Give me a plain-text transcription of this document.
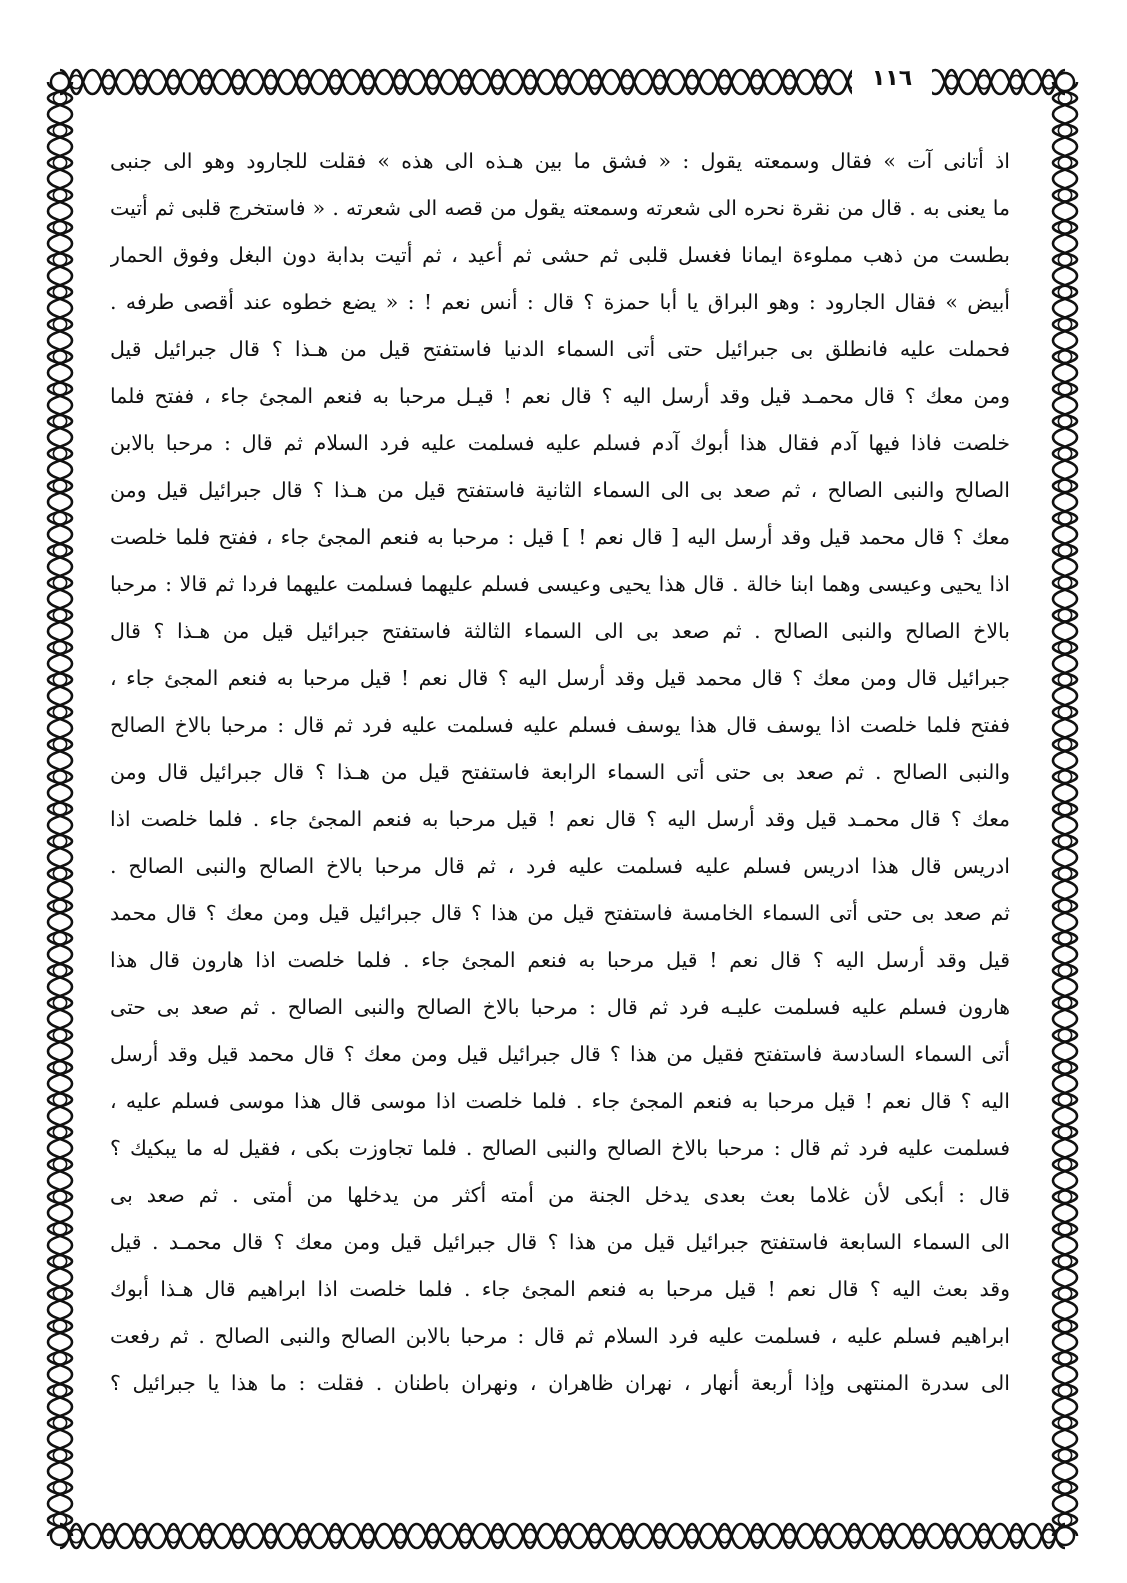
١١٦
اذ أتانى آت » فقال وسمعته يقول : « فشق ما بين هـذه الى هذه » فقلت للجارود وهو الى جنبى
ما يعنى به . قال من نقرة نحره الى شعرته وسمعته يقول من قصه الى شعرته . « فاستخرج قلبى ثم أتيت
بطست من ذهب مملوءة ايمانا فغسل قلبى ثم حشى ثم أعيد ، ثم أتيت بدابة دون البغل وفوق الحمار
أبيض » فقال الجارود : وهو البراق يا أبا حمزة ؟ قال : أنس نعم ! : « يضع خطوه عند أقصى طرفه .
فحملت عليه فانطلق بى جبرائيل حتى أتى السماء الدنيا فاستفتح قيل من هـذا ؟ قال جبرائيل قيل
ومن معك ؟ قال محمـد قيل وقد أرسل اليه ؟ قال نعم ! قيـل مرحبا به فنعم المجئ جاء ، ففتح فلما
خلصت فاذا فيها آدم فقال هذا أبوك آدم فسلم عليه فسلمت عليه فرد السلام ثم قال : مرحبا بالابن
الصالح والنبى الصالح ، ثم صعد بى الى السماء الثانية فاستفتح قيل من هـذا ؟ قال جبرائيل قيل ومن
معك ؟ قال محمد قيل وقد أرسل اليه [ قال نعم ! ] قيل : مرحبا به فنعم المجئ جاء ، ففتح فلما خلصت
اذا يحيى وعيسى وهما ابنا خالة . قال هذا يحيى وعيسى فسلم عليهما فسلمت عليهما فردا ثم قالا : مرحبا
بالاخ الصالح والنبى الصالح . ثم صعد بى الى السماء الثالثة فاستفتح جبرائيل قيل من هـذا ؟ قال
جبرائيل قال ومن معك ؟ قال محمد قيل وقد أرسل اليه ؟ قال نعم ! قيل مرحبا به فنعم المجئ جاء ،
ففتح فلما خلصت اذا يوسف قال هذا يوسف فسلم عليه فسلمت عليه فرد ثم قال : مرحبا بالاخ الصالح
والنبى الصالح . ثم صعد بى حتى أتى السماء الرابعة فاستفتح قيل من هـذا ؟ قال جبرائيل قال ومن
معك ؟ قال محمـد قيل وقد أرسل اليه ؟ قال نعم ! قيل مرحبا به فنعم المجئ جاء . فلما خلصت اذا
ادريس قال هذا ادريس فسلم عليه فسلمت عليه فرد ، ثم قال مرحبا بالاخ الصالح والنبى الصالح .
ثم صعد بى حتى أتى السماء الخامسة فاستفتح قيل من هذا ؟ قال جبرائيل قيل ومن معك ؟ قال محمد
قيل وقد أرسل اليه ؟ قال نعم ! قيل مرحبا به فنعم المجئ جاء . فلما خلصت اذا هارون قال هذا
هارون فسلم عليه فسلمت عليـه فرد ثم قال : مرحبا بالاخ الصالح والنبى الصالح . ثم صعد بى حتى
أتى السماء السادسة فاستفتح فقيل من هذا ؟ قال جبرائيل قيل ومن معك ؟ قال محمد قيل وقد أرسل
اليه ؟ قال نعم ! قيل مرحبا به فنعم المجئ جاء . فلما خلصت اذا موسى قال هذا موسى فسلم عليه ،
فسلمت عليه فرد ثم قال : مرحبا بالاخ الصالح والنبى الصالح . فلما تجاوزت بكى ، فقيل له ما يبكيك ؟
قال : أبكى لأن غلاما بعث بعدى يدخل الجنة من أمته أكثر من يدخلها من أمتى . ثم صعد بى
الى السماء السابعة فاستفتح جبرائيل قيل من هذا ؟ قال جبرائيل قيل ومن معك ؟ قال محمـد . قيل
وقد بعث اليه ؟ قال نعم ! قيل مرحبا به فنعم المجئ جاء . فلما خلصت اذا ابراهيم قال هـذا أبوك
ابراهيم فسلم عليه ، فسلمت عليه فرد السلام ثم قال : مرحبا بالابن الصالح والنبى الصالح . ثم رفعت
الى سدرة المنتهى وإذا أربعة أنهار ، نهران ظاهران ، ونهران باطنان . فقلت : ما هذا يا جبرائيل ؟
